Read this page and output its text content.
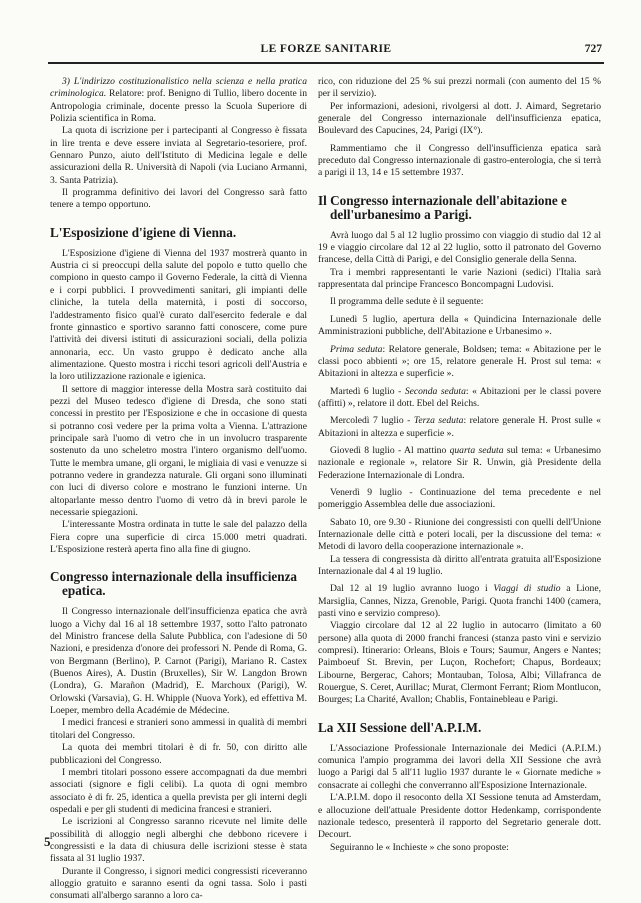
LE FORZE SANITARIE	727

3) L'indirizzo costituzionalistico nella scienza e nella pratica criminologica. Relatore: prof. Benigno di Tullio, libero docente in Antropologia criminale, docente presso la Scuola Superiore di Polizia scientifica in Roma.

La quota di iscrizione per i partecipanti al Congresso è fissata in lire trenta e deve essere inviata al Segretario-tesoriere, prof. Gennaro Punzo, aiuto dell'Istituto di Medicina legale e delle assicurazioni della R. Università di Napoli (via Luciano Armanni, 3. Santa Patrizia).

Il programma definitivo dei lavori del Congresso sarà fatto tenere a tempo opportuno.

L'Esposizione d'igiene di Vienna.

L'Esposizione d'igiene di Vienna del 1937 mostrerà quanto in Austria ci si preoccupi della salute del popolo e tutto quello che compiono in questo campo il Governo Federale, la città di Vienna e i corpi pubblici. I provvedimenti sanitari, gli impianti delle cliniche, la tutela della maternità, i posti di soccorso, l'addestramento fisico qual'è curato dall'esercito federale e dal fronte ginnastico e sportivo saranno fatti conoscere, come pure l'attività dei diversi istituti di assicurazioni sociali, della polizia annonaria, ecc. Un vasto gruppo è dedicato anche alla alimentazione. Questo mostra i ricchi tesori agricoli dell'Austria e la loro utilizzazione razionale e igienica.

Il settore di maggior interesse della Mostra sarà costituito dai pezzi del Museo tedesco d'igiene di Dresda, che sono stati concessi in prestito per l'Esposizione e che in occasione di questa si potranno così vedere per la prima volta a Vienna. L'attrazione principale sarà l'uomo di vetro che in un involucro trasparente sostenuto da uno scheletro mostra l'intero organismo dell'uomo. Tutte le membra umane, gli organi, le migliaia di vasi e venuzze si potranno vedere in grandezza naturale. Gli organi sono illuminati con luci di diverso colore e mostrano le funzioni interne. Un altoparlante messo dentro l'uomo di vetro dà in brevi parole le necessarie spiegazioni.

L'interessante Mostra ordinata in tutte le sale del palazzo della Fiera copre una superficie di circa 15.000 metri quadrati. L'Esposizione resterà aperta fino alla fine di giugno.

Congresso internazionale della insufficienza epatica.

Il Congresso internazionale dell'insufficienza epatica che avrà luogo a Vichy dal 16 al 18 settembre 1937, sotto l'alto patronato del Ministro francese della Salute Pubblica, con l'adesione di 50 Nazioni, e presidenza d'onore dei professori N. Pende di Roma, G. von Bergmann (Berlino), P. Carnot (Parigi), Mariano R. Castex (Buenos Aires), A. Dustin (Bruxelles), Sir W. Langdon Brown (Londra), G. Marañon (Madrid), E. Marchoux (Parigi), W. Orlowski (Varsavia), G. H. Whipple (Nuova York), ed effettiva M. Loeper, membro della Académie de Médecine.

I medici francesi e stranieri sono ammessi in qualità di membri titolari del Congresso.

La quota dei membri titolari è di fr. 50, con diritto alle pubblicazioni del Congresso.

I membri titolari possono essere accompagnati da due membri associati (signore e figli celibi). La quota di ogni membro associato è di fr. 25, identica a quella prevista per gli interni degli ospedali e per gli studenti di medicina francesi e stranieri.

Le iscrizioni al Congresso saranno ricevute nel limite delle possibilità di alloggio negli alberghi che debbono ricevere i congressisti e la data di chiusura delle iscrizioni stesse è stata fissata al 31 luglio 1937.

Durante il Congresso, i signori medici congressisti riceveranno alloggio gratuito e saranno esenti da ogni tassa. Solo i pasti consumati all'albergo saranno a loro ca-

rico, con riduzione del 25 % sui prezzi normali (con aumento del 15 % per il servizio).

Per informazioni, adesioni, rivolgersi al dott. J. Aimard, Segretario generale del Congresso internazionale dell'insufficienza epatica, Boulevard des Capucines, 24, Parigi (IX°).

Rammentiamo che il Congresso dell'insufficienza epatica sarà preceduto dal Congresso internazionale di gastro-enterologia, che si terrà a parigi il 13, 14 e 15 settembre 1937.

Il Congresso internazionale dell'abitazione e dell'urbanesimo a Parigi.

Avrà luogo dal 5 al 12 luglio prossimo con viaggio di studio dal 12 al 19 e viaggio circolare dal 12 al 22 luglio, sotto il patronato del Governo francese, della Città di Parigi, e del Consiglio generale della Senna.

Tra i membri rappresentanti le varie Nazioni (sedici) l'Italia sarà rappresentata dal principe Francesco Boncompagni Ludovisi.

Il programma delle sedute è il seguente:

Lunedì 5 luglio, apertura della « Quindicina Internazionale delle Amministrazioni pubbliche, dell'Abitazione e Urbanesimo ».

Prima seduta: Relatore generale, Boldsen; tema: « Abitazione per le classi poco abbienti »; ore 15, relatore generale H. Prost sul tema: « Abitazioni in altezza e superficie ».

Martedì 6 luglio - Seconda seduta: « Abitazioni per le classi povere (affitti) », relatore il dott. Ebel del Reichs.

Mercoledì 7 luglio - Terza seduta: relatore generale H. Prost sulle « Abitazioni in altezza e superficie ».

Giovedì 8 luglio - Al mattino quarta seduta sul tema: « Urbanesimo nazionale e regionale », relatore Sir R. Unwin, già Presidente della Federazione Internazionale di Londra.

Venerdì 9 luglio - Continuazione del tema precedente e nel pomeriggio Assemblea delle due associazioni.

Sabato 10, ore 9.30 - Riunione dei congressisti con quelli dell'Unione Internazionale delle città e poteri locali, per la discussione del tema: « Metodi di lavoro della cooperazione internazionale ».

La tessera di congressista dà diritto all'entrata gratuita all'Esposizione Internazionale dal 4 al 19 luglio.

Dal 12 al 19 luglio avranno luogo i Viaggi di studio a Lione, Marsiglia, Cannes, Nizza, Grenoble, Parigi. Quota franchi 1400 (camera, pasti vino e servizio compreso).

Viaggio circolare dal 12 al 22 luglio in autocarro (limitato a 60 persone) alla quota di 2000 franchi francesi (stanza pasto vini e servizio compresi). Itinerario: Orleans, Blois e Tours; Saumur, Angers e Nantes; Paimboeuf St. Brevin, per Luçon, Rochefort; Chapus, Bordeaux; Libourne, Bergerac, Cahors; Montauban, Tolosa, Albi; Villafranca de Rouergue, S. Ceret, Aurillac; Murat, Clermont Ferrant; Riom Montlucon, Bourges; La Charité, Avallon; Chablis, Fontainebleau e Parigi.

La XII Sessione dell'A.P.I.M.

L'Associazione Professionale Internazionale dei Medici (A.P.I.M.) comunica l'ampio programma dei lavori della XII Sessione che avrà luogo a Parigi dal 5 all'11 luglio 1937 durante le « Giornate mediche » consacrate ai colleghi che converranno all'Esposizione Internazionale.

L'A.P.I.M. dopo il resoconto della XI Sessione tenuta ad Amsterdam, e allocuzione dell'attuale Presidente dottor Hedenkamp, corrispondente nazionale tedesco, presenterà il rapporto del Segretario generale dott. Decourt.

Seguiranno le « Inchieste » che sono proposte:

5
